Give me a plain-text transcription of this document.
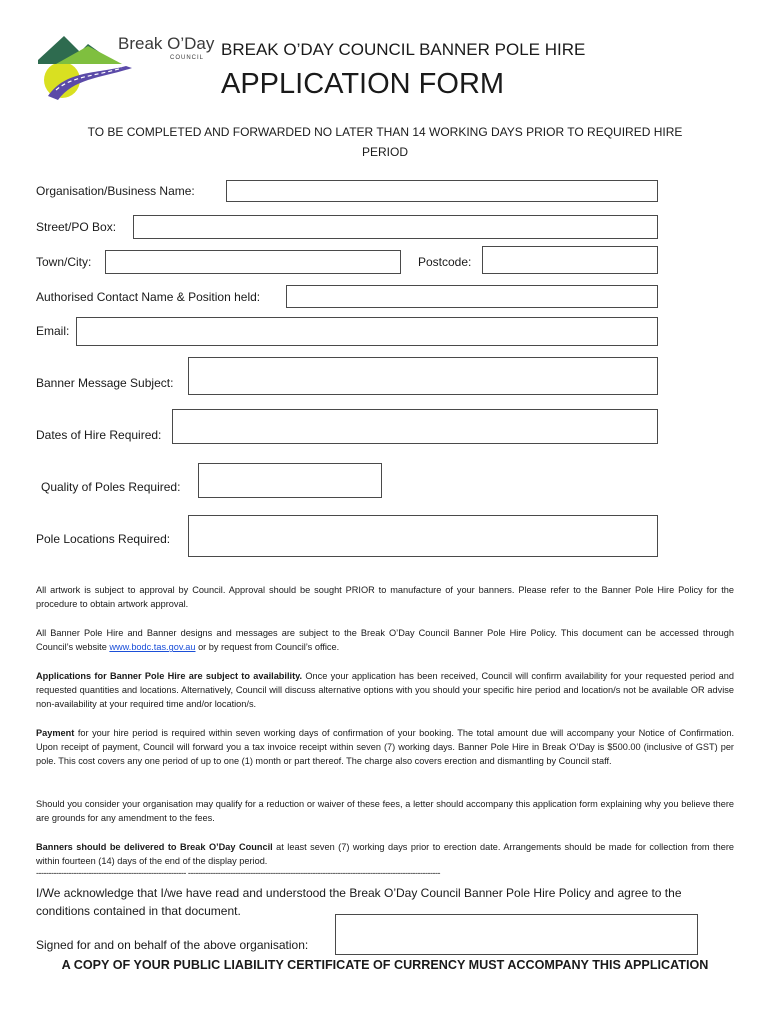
Break O’Day
COUNCIL BREAK O’DAY COUNCIL BANNER POLE HIRE
APPLICATION FORM
TO BE COMPLETED AND FORWARDED NO LATER THAN 14 WORKING DAYS PRIOR TO REQUIRED HIRE
PERIOD
Organisation/Business Name:
Street/PO Box:
Town/City:	Postcode:
Authorised Contact Name & Position held:
Email:
Banner Message Subject:
Dates of Hire Required:
Quality of Poles Required:
Pole Locations Required:

All artwork is subject to approval by Council. Approval should be sought PRIOR to manufacture of your banners. Please refer to the Banner Pole Hire Policy for the procedure to obtain artwork approval.

All Banner Pole Hire and Banner designs and messages are subject to the Break O’Day Council Banner Pole Hire Policy. This document can be accessed through Council’s website www.bodc.tas.gov.au or by request from Council’s office.

Applications for Banner Pole Hire are subject to availability. Once your application has been received, Council will confirm availability for your requested period and requested quantities and locations. Alternatively, Council will discuss alternative options with you should your specific hire period and location/s not be available OR advise non-availability at your required time and/or location/s.

Payment for your hire period is required within seven working days of confirmation of your booking. The total amount due will accompany your Notice of Confirmation. Upon receipt of payment, Council will forward you a tax invoice receipt within seven (7) working days. Banner Pole Hire in Break O’Day is $500.00 (inclusive of GST) per pole. This cost covers any one period of up to one (1) month or part thereof. The charge also covers erection and dismantling by Council staff.

Should you consider your organisation may qualify for a reduction or waiver of these fees, a letter should accompany this application form explaining why you believe there are grounds for any amendment to the fees.

Banners should be delivered to Break O’Day Council at least seven (7) working days prior to erection date. Arrangements should be made for collection from there within fourteen (14) days of the end of the display period.

------------------------------------------------------------ -----------------------------------------------------------------------------------------------------
I/We acknowledge that I/we have read and understood the Break O’Day Council Banner Pole Hire Policy and agree to the
conditions contained in that document.
Signed for and on behalf of the above organisation:
A COPY OF YOUR PUBLIC LIABILITY CERTIFICATE OF CURRENCY MUST ACCOMPANY THIS APPLICATION
